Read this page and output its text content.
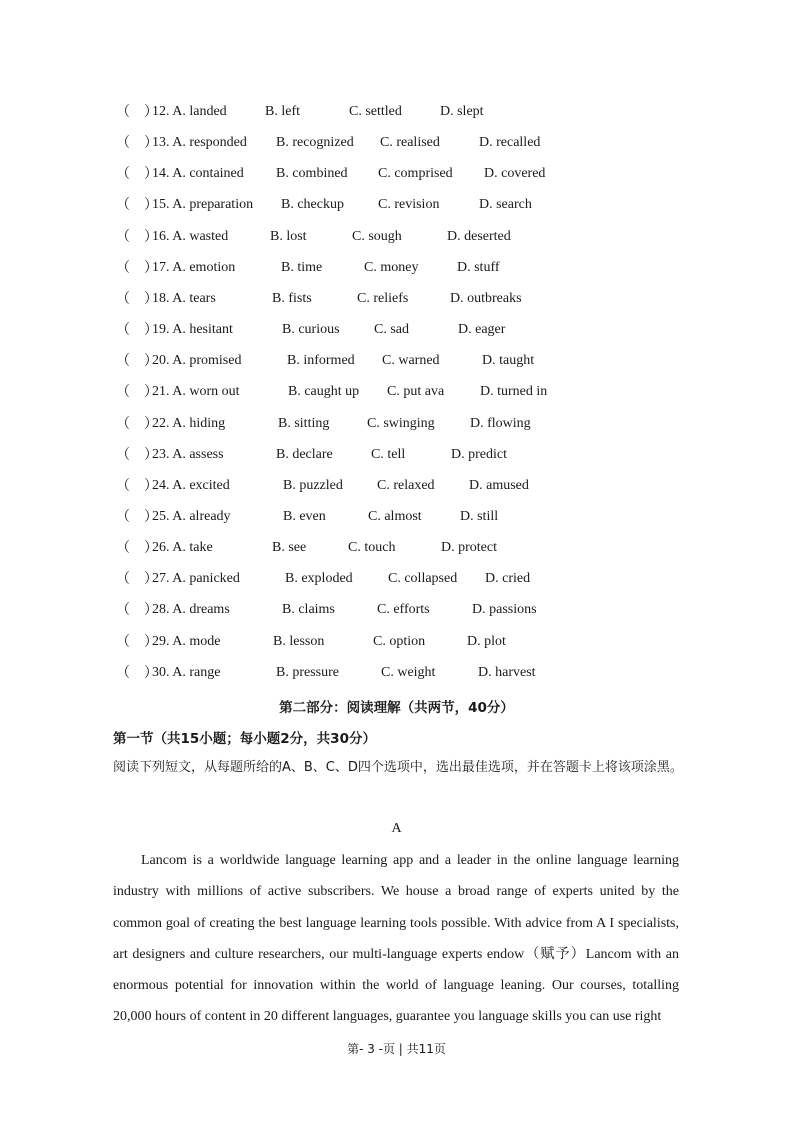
（　）
12. A. landed	B. left	C. settled	D. slept
（　）
13. A. responded B. recognized C. realised	D. recalled
（　）
14. A. contained B. combined C. comprised D. covered
（　）
15. A. preparation B. checkup C. revision	D. search
（　）
16. A. wasted	B. lost	C. sough	D. deserted
（　）
17. A. emotion	B. time	C. money	D. stuff
（　）
18. A. tears	B. fists	C. reliefs	D. outbreaks
（　）
19. A. hesitant	B. curious C. sad	D. eager
（　）
20. A. promised	B. informed C. warned	D. taught
（　）
21. A. worn out	B. caught up C. put ava	D. turned in
（　）
22. A. hiding	B. sitting	C. swinging	D. flowing
（　）
23. A. assess	B. declare	C. tell	D. predict
（　）
24. A. excited	B. puzzled C. relaxed D. amused
（　）
25. A. already	B. even	C. almost	D. still
（　）
26. A. take	B. see	C. touch	D. protect
（　）
27. A. panicked	B. exploded	C. collapsed D. cried
（　）
28. A. dreams	B. claims	C. efforts	D. passions
（　）
29. A. mode	B. lesson	C. option	D. plot
（　）
30. A. range	B. pressure	C. weight	D. harvest
第二部分：阅读理解（共两节，40分）
第一节（共15小题；每小题2分，共30分）
阅读下列短文，从每题所给的A、B、C、D四个选项中，选出最佳选项，并在答题卡上将该项涂黑。
A
Lancom is a worldwide language learning app and a leader in the online language learning industry with millions of active subscribers. We house a broad range of experts united by the common goal of creating the best language learning tools possible. With advice from A I specialists, art designers and culture researchers, our multi-language experts endow（赋予）Lancom with an enormous potential for innovation within the world of language leaning. Our courses, totalling 20,000 hours of content in 20 different languages, guarantee you language skills you can use right
第- 3 -页 | 共11页
